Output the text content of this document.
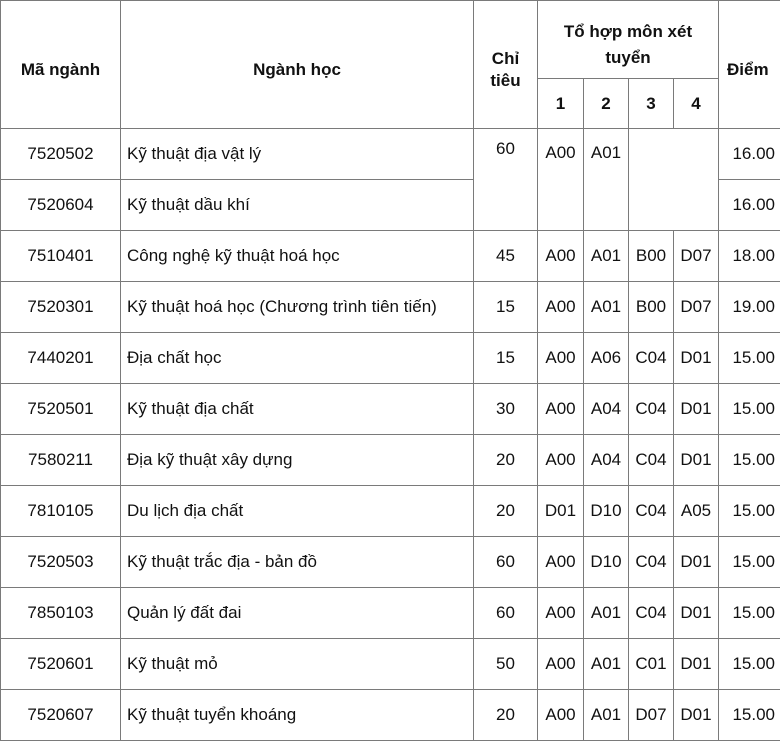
Mã ngành	Ngành học	Chỉ tiêu	Tổ hợp môn xét tuyển				Điểm
			1	2	3	4	
7520502	Kỹ thuật địa vật lý	60	A00	A01			16.00
7520604	Kỹ thuật dầu khí						16.00
7510401	Công nghệ kỹ thuật hoá học	45	A00	A01	B00	D07	18.00
7520301	Kỹ thuật hoá học (Chương trình tiên tiến)	15	A00	A01	B00	D07	19.00
7440201	Địa chất học	15	A00	A06	C04	D01	15.00
7520501	Kỹ thuật địa chất	30	A00	A04	C04	D01	15.00
7580211	Địa kỹ thuật xây dựng	20	A00	A04	C04	D01	15.00
7810105	Du lịch địa chất	20	D01	D10	C04	A05	15.00
7520503	Kỹ thuật trắc địa - bản đồ	60	A00	D10	C04	D01	15.00
7850103	Quản lý đất đai	60	A00	A01	C04	D01	15.00
7520601	Kỹ thuật mỏ	50	A00	A01	C01	D01	15.00
7520607	Kỹ thuật tuyển khoáng	20	A00	A01	D07	D01	15.00
